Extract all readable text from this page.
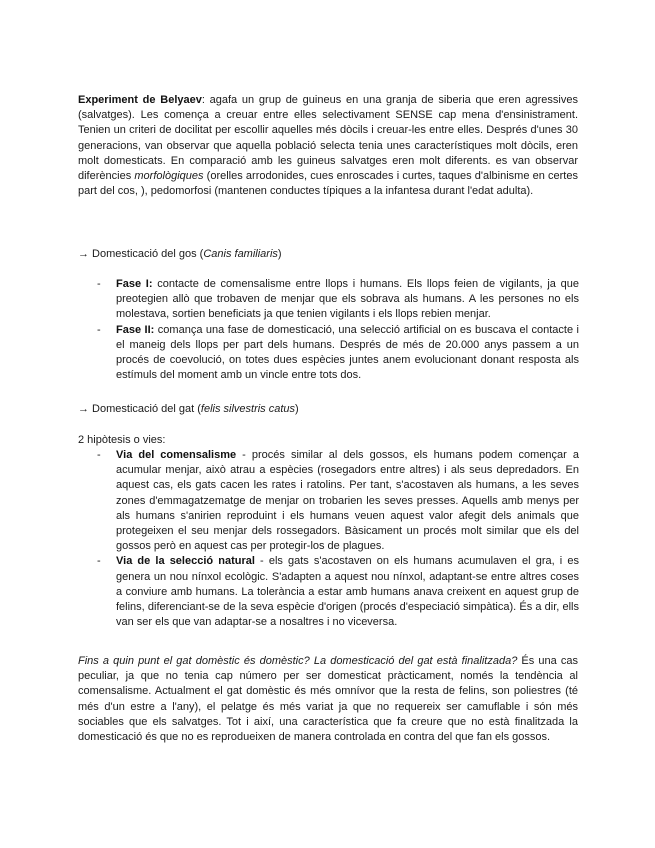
Experiment de Belyaev: agafa un grup de guineus en una granja de siberia que eren agressives (salvatges). Les comença a creuar entre elles selectivament SENSE cap mena d'ensinistrament. Tenien un criteri de docilitat per escollir aquelles més dòcils i creuar-les entre elles. Després d'unes 30 generacions, van observar que aquella població selecta tenia unes característiques molt dòcils, eren molt domesticats. En comparació amb les guineus salvatges eren molt diferents. es van observar diferències morfològiques (orelles arrodonides, cues enroscades i curtes, taques d'albinisme en certes part del cos, ), pedomorfosi (mantenen conductes típiques a la infantesa durant l'edat adulta).

→ Domesticació del gos (Canis familiaris)

- Fase I: contacte de comensalisme entre llops i humans. Els llops feien de vigilants, ja que preotegien allò que trobaven de menjar que els sobrava als humans. A les persones no els molestava, sortien beneficiats ja que tenien vigilants i els llops rebien menjar.
- Fase II: comança una fase de domesticació, una selecció artificial on es buscava el contacte i el maneig dels llops per part dels humans. Després de més de 20.000 anys passem a un procés de coevolució, on totes dues espècies juntes anem evolucionant donant resposta als estímuls del moment amb un vincle entre tots dos.

→ Domesticació del gat (felis silvestris catus)

2 hipòtesis o vies:

- Via del comensalisme - procés similar al dels gossos, els humans podem començar a acumular menjar, això atrau a espècies (rosegadors entre altres) i als seus depredadors. En aquest cas, els gats cacen les rates i ratolins. Per tant, s'acostaven als humans, a les seves zones d'emmagatzematge de menjar on trobarien les seves presses. Aquells amb menys per als humans s'anirien reproduint i els humans veuen aquest valor afegit dels animals que protegeixen el seu menjar dels rossegadors. Bàsicament un procés molt similar que els del gossos però en aquest cas per protegir-los de plagues.
- Via de la selecció natural - els gats s'acostaven on els humans acumulaven el gra, i es genera un nou nínxol ecològic. S'adapten a aquest nou nínxol, adaptant-se entre altres coses a conviure amb humans. La tolerància a estar amb humans anava creixent en aquest grup de felins, diferenciant-se de la seva espècie d'origen (procés d'especiació simpàtica). És a dir, ells van ser els que van adaptar-se a nosaltres i no viceversa.

Fins a quin punt el gat domèstic és domèstic? La domesticació del gat està finalitzada? És una cas peculiar, ja que no tenia cap número per ser domesticat pràcticament, només la tendència al comensalisme. Actualment el gat domèstic és més omnívor que la resta de felins, son poliestres (té més d'un estre a l'any), el pelatge és més variat ja que no requereix ser camuflable i són més sociables que els salvatges. Tot i així, una característica que fa creure que no està finalitzada la domesticació és que no es reprodueixen de manera controlada en contra del que fan els gossos.
